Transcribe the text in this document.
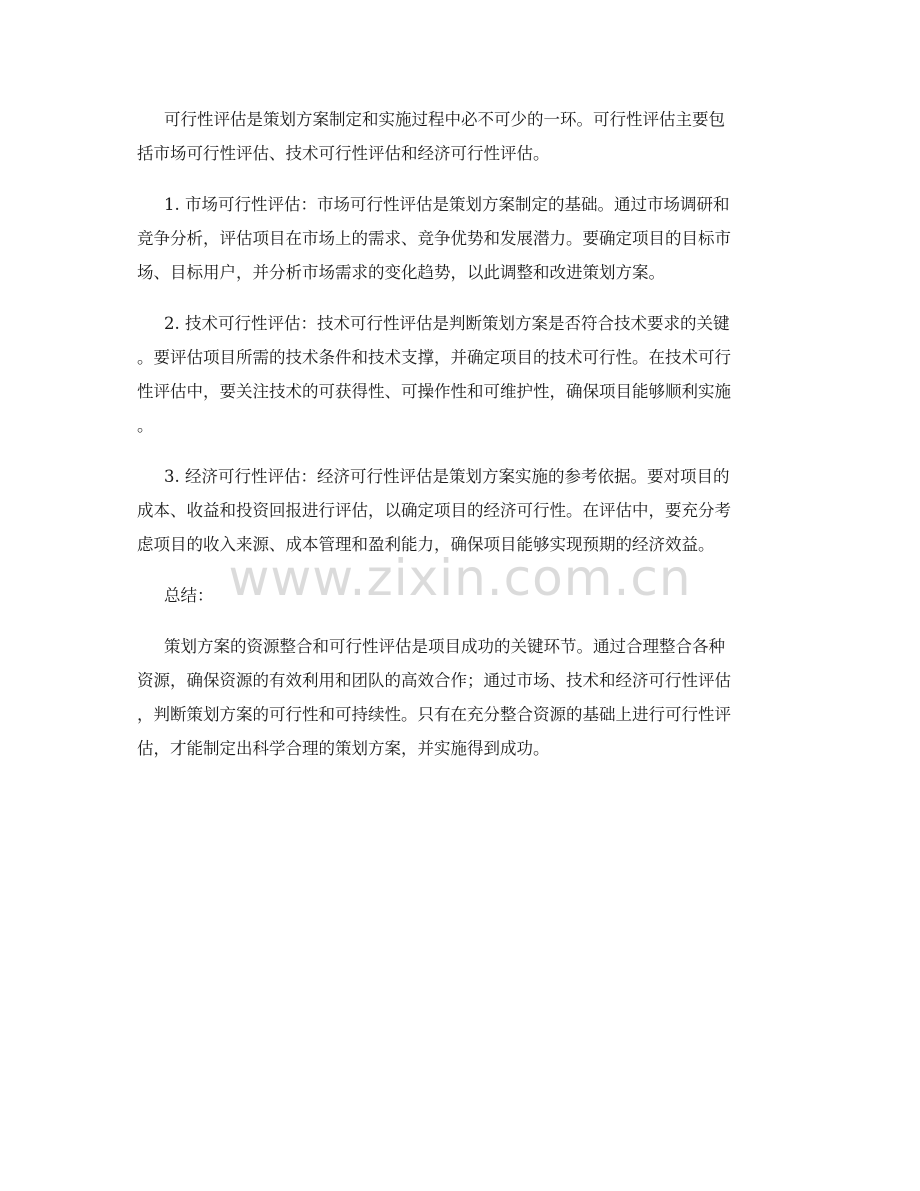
可行性评估是策划方案制定和实施过程中必不可少的一环。可行性评估主要包
括市场可行性评估、技术可行性评估和经济可行性评估。
1. 市场可行性评估：市场可行性评估是策划方案制定的基础。通过市场调研和
竞争分析，评估项目在市场上的需求、竞争优势和发展潜力。要确定项目的目标市
场、目标用户，并分析市场需求的变化趋势，以此调整和改进策划方案。
2. 技术可行性评估：技术可行性评估是判断策划方案是否符合技术要求的关键
。要评估项目所需的技术条件和技术支撑，并确定项目的技术可行性。在技术可行
性评估中，要关注技术的可获得性、可操作性和可维护性，确保项目能够顺利实施
。
3. 经济可行性评估：经济可行性评估是策划方案实施的参考依据。要对项目的
成本、收益和投资回报进行评估，以确定项目的经济可行性。在评估中，要充分考
虑项目的收入来源、成本管理和盈利能力，确保项目能够实现预期的经济效益。
总结：
策划方案的资源整合和可行性评估是项目成功的关键环节。通过合理整合各种
资源，确保资源的有效利用和团队的高效合作；通过市场、技术和经济可行性评估
，判断策划方案的可行性和可持续性。只有在充分整合资源的基础上进行可行性评
估，才能制定出科学合理的策划方案，并实施得到成功。
www.zixin.com.cn
